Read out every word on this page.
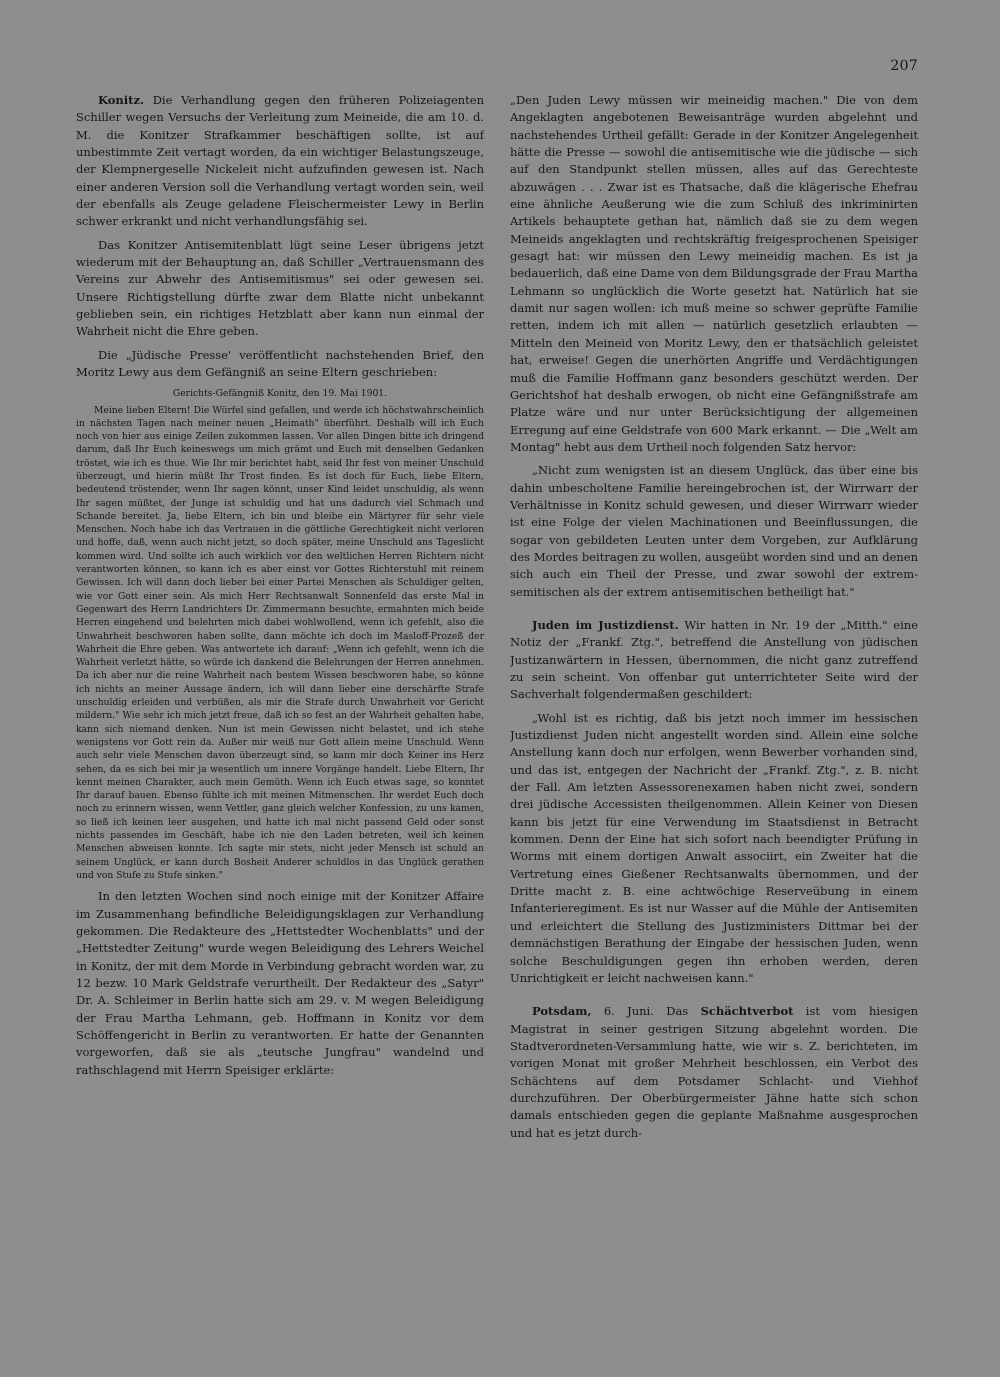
207

Konitz. Die Verhandlung gegen den früheren Polizeiagenten Schiller wegen Versuchs der Verleitung zum Meineide, die am 10. d. M. die Konitzer Strafkammer beschäftigen sollte, ist auf unbestimmte Zeit vertagt worden, da ein wichtiger Belastungszeuge, der Klempnergeselle Nickeleit nicht aufzufinden gewesen ist. Nach einer anderen Version soll die Verhandlung vertagt worden sein, weil der ebenfalls als Zeuge geladene Fleischermeister Lewy in Berlin schwer erkrankt und nicht verhandlungsfähig sei.

Das Konitzer Antisemitenblatt lügt seine Leser übrigens jetzt wiederum mit der Behauptung an, daß Schiller „Vertrauensmann des Vereins zur Abwehr des Antisemitismus" sei oder gewesen sei. Unsere Richtigstellung dürfte zwar dem Blatte nicht unbekannt geblieben sein, ein richtiges Hetzblatt aber kann nun einmal der Wahrheit nicht die Ehre geben.

Die „Jüdische Presse' veröffentlicht nachstehenden Brief, den Moritz Lewy aus dem Gefängniß an seine Eltern geschrieben:

Gerichts-Gefängniß Konitz, den 19. Mai 1901.

Meine lieben Eltern! Die Würfel sind gefallen, und werde ich höchstwahrscheinlich in nächsten Tagen nach meiner neuen „Heimath" überführt. Deshalb will ich Euch noch von hier aus einige Zeilen zukommen lassen. Vor allen Dingen bitte ich dringend darum, daß Ihr Euch keineswegs um mich grämt und Euch mit denselben Gedanken tröstet, wie ich es thue. Wie Ihr mir berichtet habt, seid Ihr fest von meiner Unschuld überzeugt, und hierin müßt Ihr Trost finden. Es ist doch für Euch, liebe Eltern, bedeutend tröstender, wenn Ihr sagen könnt, unser Kind leidet unschuldig, als wenn Ihr sagen müßtet, der Junge ist schuldig und hat uns dadurch viel Schmach und Schande bereitet. Ja, liebe Eltern, ich bin und bleibe ein Märtyrer für sehr viele Menschen. Noch habe ich das Vertrauen in die göttliche Gerechtigkeit nicht verloren und hoffe, daß, wenn auch nicht jetzt, so doch später, meine Unschuld ans Tageslicht kommen wird. Und sollte ich auch wirklich vor den weltlichen Herren Richtern nicht verantworten können, so kann ich es aber einst vor Gottes Richterstuhl mit reinem Gewissen. Ich will dann doch lieber bei einer Partei Menschen als Schuldiger gelten, wie vor Gott einer sein. Als mich Herr Rechtsanwalt Sonnenfeld das erste Mal in Gegenwart des Herrn Landrichters Dr. Zimmermann besuchte, ermahnten mich beide Herren eingehend und belehrten mich dabei wohlwollend, wenn ich gefehlt, also die Unwahrheit beschworen haben sollte, dann möchte ich doch im Masloff-Prozeß der Wahrheit die Ehre geben. Was antwortete ich darauf: „Wenn ich gefehlt, wenn ich die Wahrheit verletzt hätte, so würde ich dankend die Belehrungen der Herren annehmen. Da ich aber nur die reine Wahrheit nach bestem Wissen beschworen habe, so könne ich nichts an meiner Aussage ändern, ich will dann lieber eine derschärfte Strafe unschuldig erleiden und verbüßen, als mir die Strafe durch Unwahrheit vor Gericht mildern." Wie sehr ich mich jetzt freue, daß ich so fest an der Wahrheit gehalten habe, kann sich niemand denken. Nun ist mein Gewissen nicht belastet, und ich stehe wenigstens vor Gott rein da. Außer mir weiß nur Gott allein meine Unschuld. Wenn auch sehr viele Menschen davon überzeugt sind, so kann mir doch Keiner ins Herz sehen, da es sich bei mir ja wesentlich um innere Vorgänge handelt. Liebe Eltern, Ihr kennt meinen Charakter, auch mein Gemüth. Wenn ich Euch etwas sage, so konntet Ihr darauf bauen. Ebenso fühlte ich mit meinen Mitmenschen. Ihr werdet Euch doch noch zu erinnern wissen, wenn Vettler, ganz gleich welcher Konfession, zu uns kamen, so ließ ich keinen leer ausgehen, und hatte ich mal nicht passend Geld oder sonst nichts passendes im Geschäft, habe ich nie den Laden betreten, weil ich keinen Menschen abweisen konnte. Ich sagte mir stets, nicht jeder Mensch ist schuld an seinem Unglück, er kann durch Bosheit Anderer schuldlos in das Unglück gerathen und von Stufe zu Stufe sinken."

In den letzten Wochen sind noch einige mit der Konitzer Affaire im Zusammenhang befindliche Beleidigungsklagen zur Verhandlung gekommen. Die Redakteure des „Hettstedter Wochenblatts" und der „Hettstedter Zeitung" wurde wegen Beleidigung des Lehrers Weichel in Konitz, der mit dem Morde in Verbindung gebracht worden war, zu 12 bezw. 10 Mark Geldstrafe verurtheilt. Der Redakteur des „Satyr" Dr. A. Schleimer in Berlin hatte sich am 29. v. M wegen Beleidigung der Frau Martha Lehmann, geb. Hoffmann in Konitz vor dem Schöffengericht in Berlin zu verantworten. Er hatte der Genannten vorgeworfen, daß sie als „teutsche Jungfrau" wandelnd und rathschlagend mit Herrn Speisiger erklärte:

„Den Juden Lewy müssen wir meineidig machen." Die von dem Angeklagten angebotenen Beweisanträge wurden abgelehnt und nachstehendes Urtheil gefällt: Gerade in der Konitzer Angelegenheit hätte die Presse — sowohl die antisemitische wie die jüdische — sich auf den Standpunkt stellen müssen, alles auf das Gerechteste abzuwägen . . . Zwar ist es Thatsache, daß die klägerische Ehefrau eine ähnliche Aeußerung wie die zum Schluß des inkriminirten Artikels behauptete gethan hat, nämlich daß sie zu dem wegen Meineids angeklagten und rechtskräftig freigesprochenen Speisiger gesagt hat: wir müssen den Lewy meineidig machen. Es ist ja bedauerlich, daß eine Dame von dem Bildungsgrade der Frau Martha Lehmann so unglücklich die Worte gesetzt hat. Natürlich hat sie damit nur sagen wollen: ich muß meine so schwer geprüfte Familie retten, indem ich mit allen — natürlich gesetzlich erlaubten — Mitteln den Meineid von Moritz Lewy, den er thatsächlich geleistet hat, erweise! Gegen die unerhörten Angriffe und Verdächtigungen muß die Familie Hoffmann ganz besonders geschützt werden. Der Gerichtshof hat deshalb erwogen, ob nicht eine Gefängnißstrafe am Platze wäre und nur unter Berücksichtigung der allgemeinen Erregung auf eine Geldstrafe von 600 Mark erkannt. — Die „Welt am Montag" hebt aus dem Urtheil noch folgenden Satz hervor:

„Nicht zum wenigsten ist an diesem Unglück, das über eine bis dahin unbescholtene Familie hereingebrochen ist, der Wirrwarr der Verhältnisse in Konitz schuld gewesen, und dieser Wirrwarr wieder ist eine Folge der vielen Machinationen und Beeinflussungen, die sogar von gebildeten Leuten unter dem Vorgeben, zur Aufklärung des Mordes beitragen zu wollen, ausgeübt worden sind und an denen sich auch ein Theil der Presse, und zwar sowohl der extrem-semitischen als der extrem antisemitischen betheiligt hat."

Juden im Justizdienst. Wir hatten in Nr. 19 der „Mitth." eine Notiz der „Frankf. Ztg.", betreffend die Anstellung von jüdischen Justizanwärtern in Hessen, übernommen, die nicht ganz zutreffend zu sein scheint. Von offenbar gut unterrichteter Seite wird der Sachverhalt folgendermaßen geschildert:

„Wohl ist es richtig, daß bis jetzt noch immer im hessischen Justizdienst Juden nicht angestellt worden sind. Allein eine solche Anstellung kann doch nur erfolgen, wenn Bewerber vorhanden sind, und das ist, entgegen der Nachricht der „Frankf. Ztg.", z. B. nicht der Fall. Am letzten Assessorenexamen haben nicht zwei, sondern drei jüdische Accessisten theilgenommen. Allein Keiner von Diesen kann bis jetzt für eine Verwendung im Staatsdienst in Betracht kommen. Denn der Eine hat sich sofort nach beendigter Prüfung in Worms mit einem dortigen Anwalt associirt, ein Zweiter hat die Vertretung eines Gießener Rechtsanwalts übernommen, und der Dritte macht z. B. eine achtwöchige Reserveübung in einem Infanterieregiment. Es ist nur Wasser auf die Mühle der Antisemiten und erleichtert die Stellung des Justizministers Dittmar bei der demnächstigen Berathung der Eingabe der hessischen Juden, wenn solche Beschuldigungen gegen ihn erhoben werden, deren Unrichtigkeit er leicht nachweisen kann."

Potsdam, 6. Juni. Das Schächtverbot ist vom hiesigen Magistrat in seiner gestrigen Sitzung abgelehnt worden. Die Stadtverordneten-Versammlung hatte, wie wir s. Z. berichteten, im vorigen Monat mit großer Mehrheit beschlossen, ein Verbot des Schächtens auf dem Potsdamer Schlacht- und Viehhof durchzuführen. Der Oberbürgermeister Jähne hatte sich schon damals entschieden gegen die geplante Maßnahme ausgesprochen und hat es jetzt durch-
